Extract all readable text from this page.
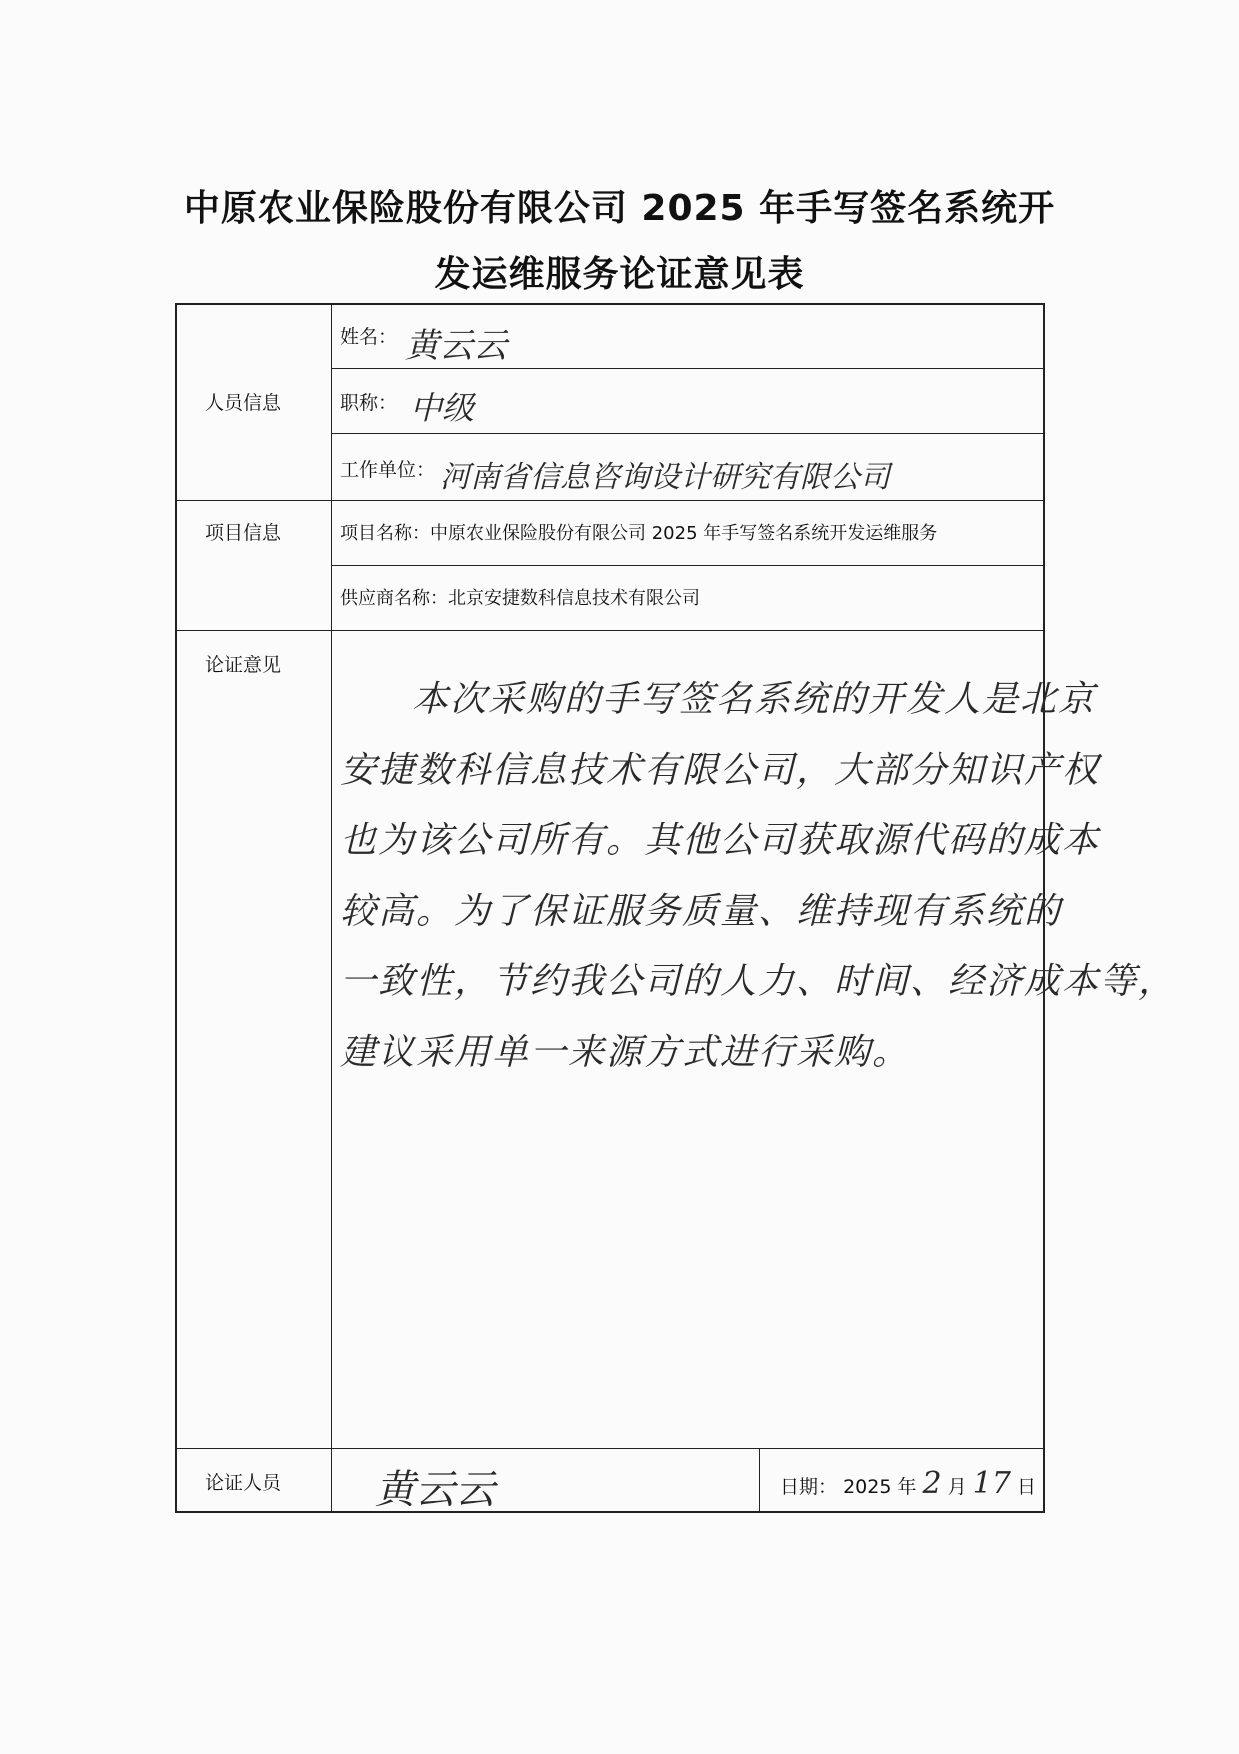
中原农业保险股份有限公司 2025 年手写签名系统开
发运维服务论证意见表
人员信息
姓名： 黄云云
职称： 中级
工作单位： 河南省信息咨询设计研究有限公司
项目信息	项目名称：中原农业保险股份有限公司 2025 年手写签名系统开发运维服务
供应商名称：北京安捷数科信息技术有限公司
论证意见
本次采购的手写签名系统的开发人是北京
安捷数科信息技术有限公司，大部分知识产权
也为该公司所有。其他公司获取源代码的成本
较高。为了保证服务质量、维持现有系统的
一致性，节约我公司的人力、时间、经济成本等，
建议采用单一来源方式进行采购。
论证人员 黄云云	日期： 2025 年 2 月 17 日
